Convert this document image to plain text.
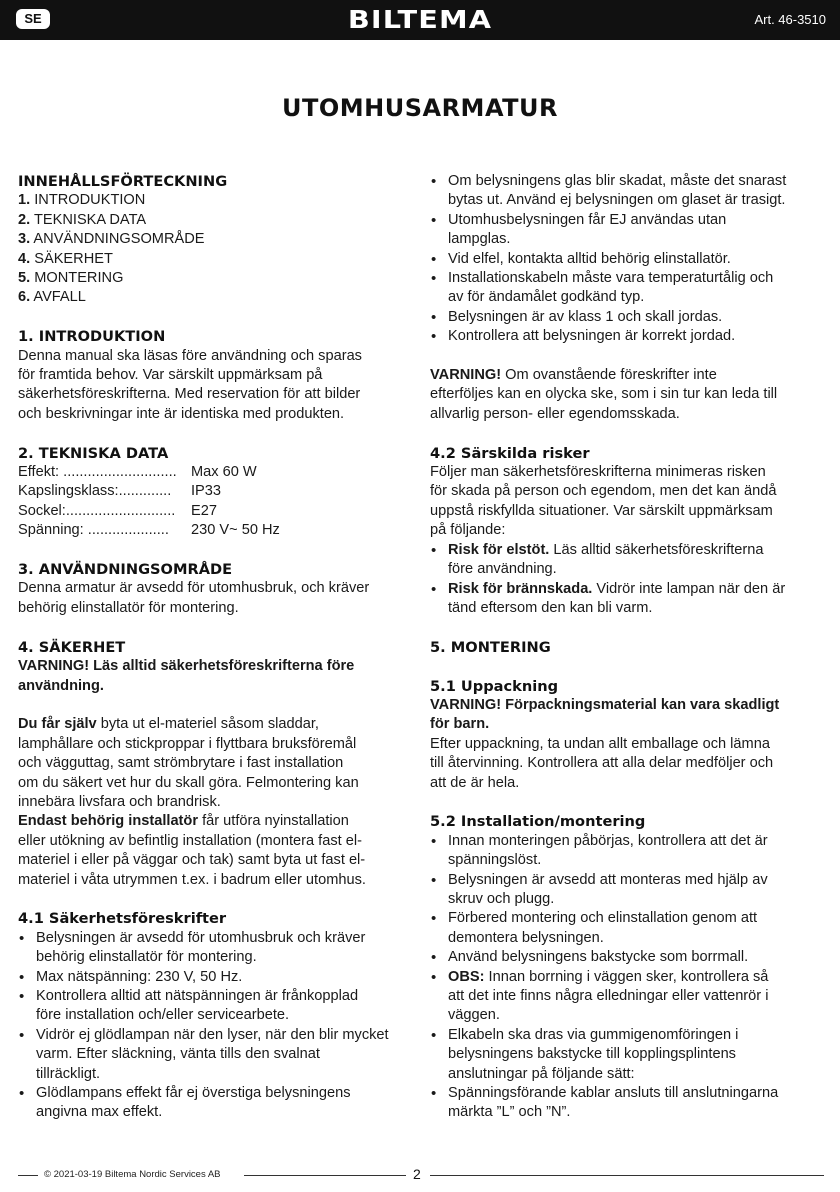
SE	BILTEMA	Art. 46-3510
UTOMHUSARMATUR
INNEHÅLLSFÖRTECKNING
1. INTRODUKTION
2. TEKNISKA DATA
3. ANVÄNDNINGSOMRÅDE
4. SÄKERHET
5. MONTERING
6. AVFALL
1. INTRODUKTION
Denna manual ska läsas före användning och sparas
för framtida behov. Var särskilt uppmärksam på
säkerhetsföreskrifterna. Med reservation för att bilder
och beskrivningar inte är identiska med produkten.
2. TEKNISKA DATA
Effekt: ............................ Max 60 W
Kapslingsklass:.............	IP33
Sockel:...........................	E27
Spänning: ....................	230 V~ 50 Hz
3. ANVÄNDNINGSOMRÅDE
Denna armatur är avsedd för utomhusbruk, och kräver
behörig elinstallatör för montering.
4. SÄKERHET
VARNING! Läs alltid säkerhetsföreskrifterna före
användning.
Du får själv byta ut el-materiel såsom sladdar,
lamphållare och stickproppar i flyttbara bruksföremål
och vägguttag, samt strömbrytare i fast installation
om du säkert vet hur du skall göra. Felmontering kan
innebära livsfara och brandrisk.
Endast behörig installatör får utföra nyinstallation
eller utökning av befintlig installation (montera fast el-
materiel i eller på väggar och tak) samt byta ut fast el-
materiel i våta utrymmen t.ex. i badrum eller utomhus.
4.1 Säkerhetsföreskrifter
• Belysningen är avsedd för utomhusbruk och kräver
behörig elinstallatör för montering.
• Max nätspänning: 230 V, 50 Hz.
• Kontrollera alltid att nätspänningen är frånkopplad
före installation och/eller servicearbete.
• Vidrör ej glödlampan när den lyser, när den blir mycket
varm. Efter släckning, vänta tills den svalnat
tillräckligt.
• Glödlampans effekt får ej överstiga belysningens
angivna max effekt.
• Om belysningens glas blir skadat, måste det snarast
bytas ut. Använd ej belysningen om glaset är trasigt.
• Utomhusbelysningen får EJ användas utan
lampglas.
• Vid elfel, kontakta alltid behörig elinstallatör.
• Installationskabeln måste vara temperaturtålig och
av för ändamålet godkänd typ.
• Belysningen är av klass 1 och skall jordas.
• Kontrollera att belysningen är korrekt jordad.
VARNING! Om ovanstående föreskrifter inte
efterföljes kan en olycka ske, som i sin tur kan leda till
allvarlig person- eller egendomsskada.
4.2 Särskilda risker
Följer man säkerhetsföreskrifterna minimeras risken
för skada på person och egendom, men det kan ändå
uppstå riskfyllda situationer. Var särskilt uppmärksam
på följande:
• Risk för elstöt. Läs alltid säkerhetsföreskrifterna
före användning.
• Risk för brännskada. Vidrör inte lampan när den är
tänd eftersom den kan bli varm.
5. MONTERING
5.1 Uppackning
VARNING! Förpackningsmaterial kan vara skadligt
för barn.
Efter uppackning, ta undan allt emballage och lämna
till återvinning. Kontrollera att alla delar medföljer och
att de är hela.
5.2 Installation/montering
• Innan monteringen påbörjas, kontrollera att det är
spänningslöst.
• Belysningen är avsedd att monteras med hjälp av
skruv och plugg.
• Förbered montering och elinstallation genom att
demontera belysningen.
• Använd belysningens bakstycke som borrmall.
• OBS: Innan borrning i väggen sker, kontrollera så
att det inte finns några elledningar eller vattenrör i
väggen.
• Elkabeln ska dras via gummigenomföringen i
belysningens bakstycke till kopplingsplintens
anslutningar på följande sätt:
• Spänningsförande kablar ansluts till anslutningarna
märkta ”L” och ”N”.
© 2021-03-19 Biltema Nordic Services AB	2
